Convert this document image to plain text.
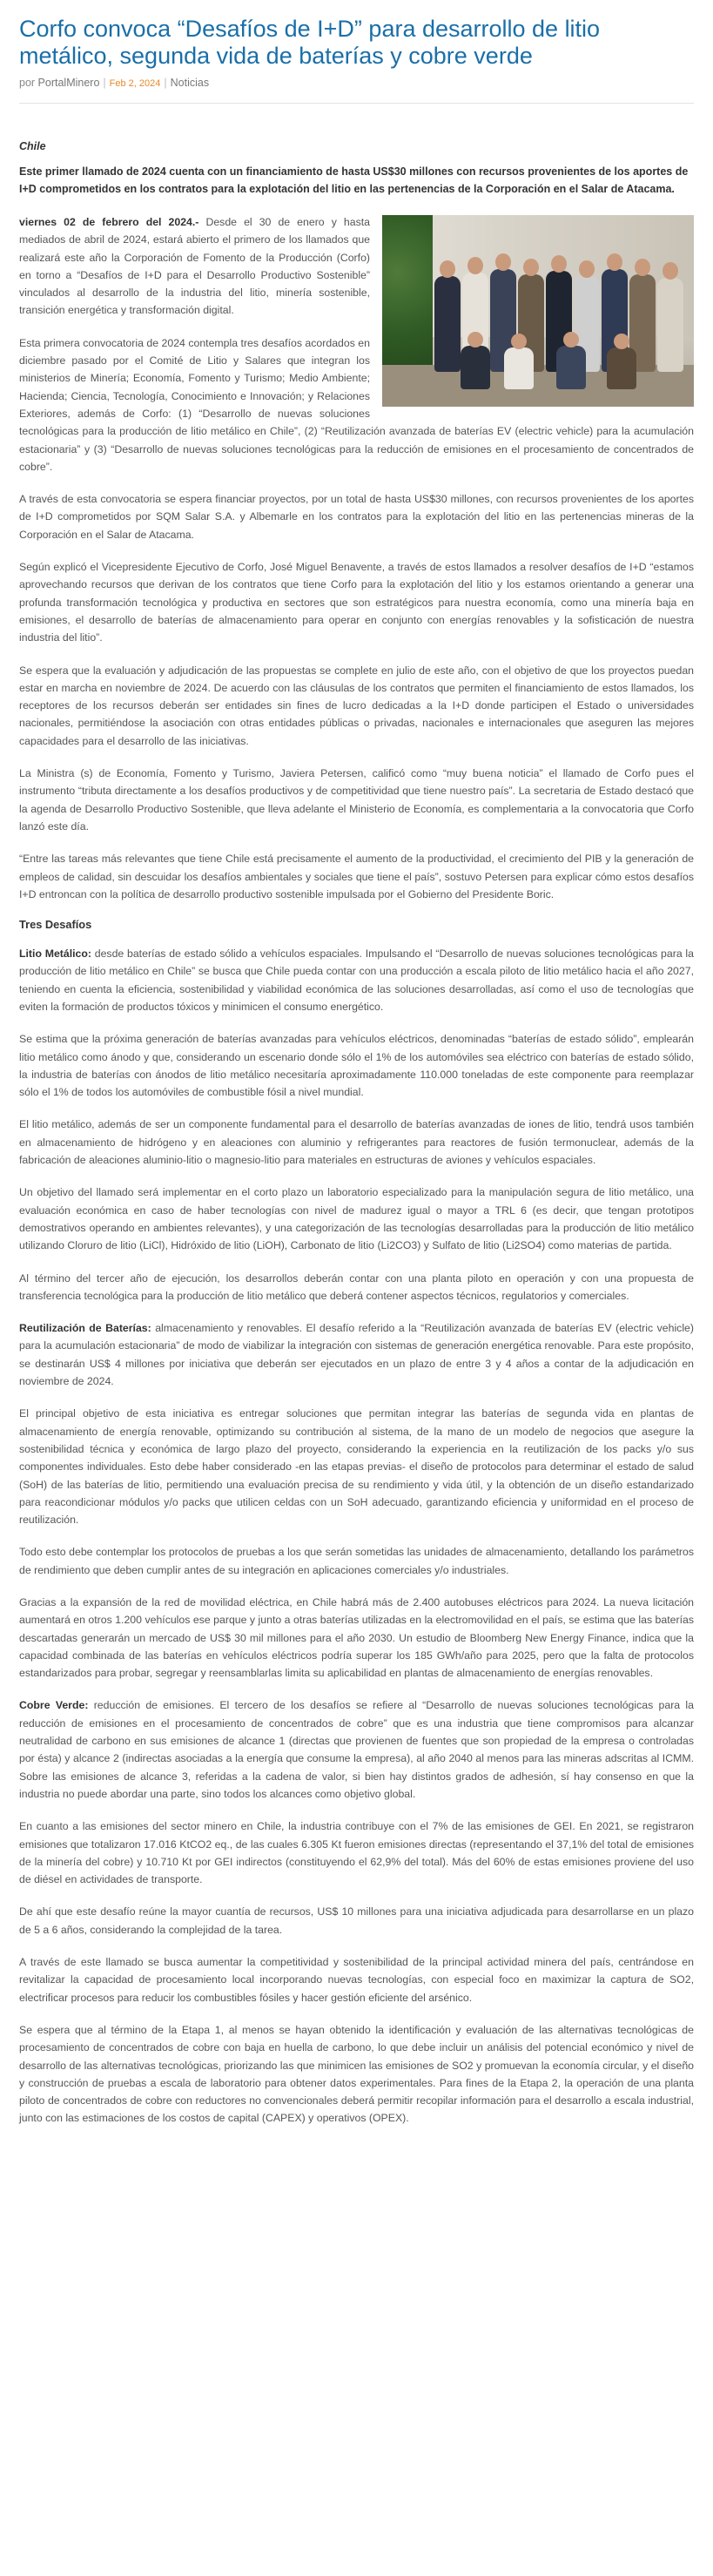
Corfo convoca “Desafíos de I+D” para desarrollo de litio metálico, segunda vida de baterías y cobre verde
por PortalMinero | Feb 2, 2024 | Noticias
Chile
Este primer llamado de 2024 cuenta con un financiamiento de hasta US$30 millones con recursos provenientes de los aportes de I+D comprometidos en los contratos para la explotación del litio en las pertenencias de la Corporación en el Salar de Atacama.

viernes 02 de febrero del 2024.- Desde el 30 de enero y hasta mediados de abril de 2024, estará abierto el primero de los llamados que realizará este año la Corporación de Fomento de la Producción (Corfo) en torno a “Desafíos de I+D para el Desarrollo Productivo Sostenible” vinculados al desarrollo de la industria del litio, minería sostenible, transición energética y transformación digital.

Esta primera convocatoria de 2024 contempla tres desafíos acordados en diciembre pasado por el Comité de Litio y Salares que integran los ministerios de Minería; Economía, Fomento y Turismo; Medio Ambiente; Hacienda; Ciencia, Tecnología, Conocimiento e Innovación; y Relaciones Exteriores, además de Corfo: (1) “Desarrollo de nuevas soluciones tecnológicas para la producción de litio metálico en Chile”, (2) “Reutilización avanzada de baterías EV (electric vehicle) para la acumulación estacionaria” y (3) “Desarrollo de nuevas soluciones tecnológicas para la reducción de emisiones en el procesamiento de concentrados de cobre”.

A través de esta convocatoria se espera financiar proyectos, por un total de hasta US$30 millones, con recursos provenientes de los aportes de I+D comprometidos por SQM Salar S.A. y Albemarle en los contratos para la explotación del litio en las pertenencias mineras de la Corporación en el Salar de Atacama.

Según explicó el Vicepresidente Ejecutivo de Corfo, José Miguel Benavente, a través de estos llamados a resolver desafíos de I+D “estamos aprovechando recursos que derivan de los contratos que tiene Corfo para la explotación del litio y los estamos orientando a generar una profunda transformación tecnológica y productiva en sectores que son estratégicos para nuestra economía, como una minería baja en emisiones, el desarrollo de baterías de almacenamiento para operar en conjunto con energías renovables y la sofisticación de nuestra industria del litio”.

Se espera que la evaluación y adjudicación de las propuestas se complete en julio de este año, con el objetivo de que los proyectos puedan estar en marcha en noviembre de 2024. De acuerdo con las cláusulas de los contratos que permiten el financiamiento de estos llamados, los receptores de los recursos deberán ser entidades sin fines de lucro dedicadas a la I+D donde participen el Estado o universidades nacionales, permitiéndose la asociación con otras entidades públicas o privadas, nacionales e internacionales que aseguren las mejores capacidades para el desarrollo de las iniciativas.

La Ministra (s) de Economía, Fomento y Turismo, Javiera Petersen, calificó como “muy buena noticia” el llamado de Corfo pues el instrumento “tributa directamente a los desafíos productivos y de competitividad que tiene nuestro país”. La secretaria de Estado destacó que la agenda de Desarrollo Productivo Sostenible, que lleva adelante el Ministerio de Economía, es complementaria a la convocatoria que Corfo lanzó este día.

“Entre las tareas más relevantes que tiene Chile está precisamente el aumento de la productividad, el crecimiento del PIB y la generación de empleos de calidad, sin descuidar los desafíos ambientales y sociales que tiene el país”, sostuvo Petersen para explicar cómo estos desafíos I+D entroncan con la política de desarrollo productivo sostenible impulsada por el Gobierno del Presidente Boric.

Tres Desafíos

Litio Metálico: desde baterías de estado sólido a vehículos espaciales. Impulsando el “Desarrollo de nuevas soluciones tecnológicas para la producción de litio metálico en Chile” se busca que Chile pueda contar con una producción a escala piloto de litio metálico hacia el año 2027, teniendo en cuenta la eficiencia, sostenibilidad y viabilidad económica de las soluciones desarrolladas, así como el uso de tecnologías que eviten la formación de productos tóxicos y minimicen el consumo energético.

Se estima que la próxima generación de baterías avanzadas para vehículos eléctricos, denominadas “baterías de estado sólido”, emplearán litio metálico como ánodo y que, considerando un escenario donde sólo el 1% de los automóviles sea eléctrico con baterías de estado sólido, la industria de baterías con ánodos de litio metálico necesitaría aproximadamente 110.000 toneladas de este componente para reemplazar sólo el 1% de todos los automóviles de combustible fósil a nivel mundial.

El litio metálico, además de ser un componente fundamental para el desarrollo de baterías avanzadas de iones de litio, tendrá usos también en almacenamiento de hidrógeno y en aleaciones con aluminio y refrigerantes para reactores de fusión termonuclear, además de la fabricación de aleaciones aluminio-litio o magnesio-litio para materiales en estructuras de aviones y vehículos espaciales.

Un objetivo del llamado será implementar en el corto plazo un laboratorio especializado para la manipulación segura de litio metálico, una evaluación económica en caso de haber tecnologías con nivel de madurez igual o mayor a TRL 6 (es decir, que tengan prototipos demostrativos operando en ambientes relevantes), y una categorización de las tecnologías desarrolladas para la producción de litio metálico utilizando Cloruro de litio (LiCl), Hidróxido de litio (LiOH), Carbonato de litio (Li2CO3) y Sulfato de litio (Li2SO4) como materias de partida.

Al término del tercer año de ejecución, los desarrollos deberán contar con una planta piloto en operación y con una propuesta de transferencia tecnológica para la producción de litio metálico que deberá contener aspectos técnicos, regulatorios y comerciales.

Reutilización de Baterías: almacenamiento y renovables. El desafío referido a la “Reutilización avanzada de baterías EV (electric vehicle) para la acumulación estacionaria” de modo de viabilizar la integración con sistemas de generación energética renovable. Para este propósito, se destinarán US$ 4 millones por iniciativa que deberán ser ejecutados en un plazo de entre 3 y 4 años a contar de la adjudicación en noviembre de 2024.

El principal objetivo de esta iniciativa es entregar soluciones que permitan integrar las baterías de segunda vida en plantas de almacenamiento de energía renovable, optimizando su contribución al sistema, de la mano de un modelo de negocios que asegure la sostenibilidad técnica y económica de largo plazo del proyecto, considerando la experiencia en la reutilización de los packs y/o sus componentes individuales. Esto debe haber considerado -en las etapas previas- el diseño de protocolos para determinar el estado de salud (SoH) de las baterías de litio, permitiendo una evaluación precisa de su rendimiento y vida útil, y la obtención de un diseño estandarizado para reacondicionar módulos y/o packs que utilicen celdas con un SoH adecuado, garantizando eficiencia y uniformidad en el proceso de reutilización.

Todo esto debe contemplar los protocolos de pruebas a los que serán sometidas las unidades de almacenamiento, detallando los parámetros de rendimiento que deben cumplir antes de su integración en aplicaciones comerciales y/o industriales.

Gracias a la expansión de la red de movilidad eléctrica, en Chile habrá más de 2.400 autobuses eléctricos para 2024. La nueva licitación aumentará en otros 1.200 vehículos ese parque y junto a otras baterías utilizadas en la electromovilidad en el país, se estima que las baterías descartadas generarán un mercado de US$ 30 mil millones para el año 2030. Un estudio de Bloomberg New Energy Finance, indica que la capacidad combinada de las baterías en vehículos eléctricos podría superar los 185 GWh/año para 2025, pero que la falta de protocolos estandarizados para probar, segregar y reensamblarlas limita su aplicabilidad en plantas de almacenamiento de energías renovables.

Cobre Verde: reducción de emisiones. El tercero de los desafíos se refiere al “Desarrollo de nuevas soluciones tecnológicas para la reducción de emisiones en el procesamiento de concentrados de cobre” que es una industria que tiene compromisos para alcanzar neutralidad de carbono en sus emisiones de alcance 1 (directas que provienen de fuentes que son propiedad de la empresa o controladas por ésta) y alcance 2 (indirectas asociadas a la energía que consume la empresa), al año 2040 al menos para las mineras adscritas al ICMM. Sobre las emisiones de alcance 3, referidas a la cadena de valor, si bien hay distintos grados de adhesión, sí hay consenso en que la industria no puede abordar una parte, sino todos los alcances como objetivo global.

En cuanto a las emisiones del sector minero en Chile, la industria contribuye con el 7% de las emisiones de GEI. En 2021, se registraron emisiones que totalizaron 17.016 KtCO2 eq., de las cuales 6.305 Kt fueron emisiones directas (representando el 37,1% del total de emisiones de la minería del cobre) y 10.710 Kt por GEI indirectos (constituyendo el 62,9% del total). Más del 60% de estas emisiones proviene del uso de diésel en actividades de transporte.

De ahí que este desafío reúne la mayor cuantía de recursos, US$ 10 millones para una iniciativa adjudicada para desarrollarse en un plazo de 5 a 6 años, considerando la complejidad de la tarea.

A través de este llamado se busca aumentar la competitividad y sostenibilidad de la principal actividad minera del país, centrándose en revitalizar la capacidad de procesamiento local incorporando nuevas tecnologías, con especial foco en maximizar la captura de SO2, electrificar procesos para reducir los combustibles fósiles y hacer gestión eficiente del arsénico.

Se espera que al término de la Etapa 1, al menos se hayan obtenido la identificación y evaluación de las alternativas tecnológicas de procesamiento de concentrados de cobre con baja en huella de carbono, lo que debe incluir un análisis del potencial económico y nivel de desarrollo de las alternativas tecnológicas, priorizando las que minimicen las emisiones de SO2 y promuevan la economía circular, y el diseño y construcción de pruebas a escala de laboratorio para obtener datos experimentales. Para fines de la Etapa 2, la operación de una planta piloto de concentrados de cobre con reductores no convencionales deberá permitir recopilar información para el desarrollo a escala industrial, junto con las estimaciones de los costos de capital (CAPEX) y operativos (OPEX).
